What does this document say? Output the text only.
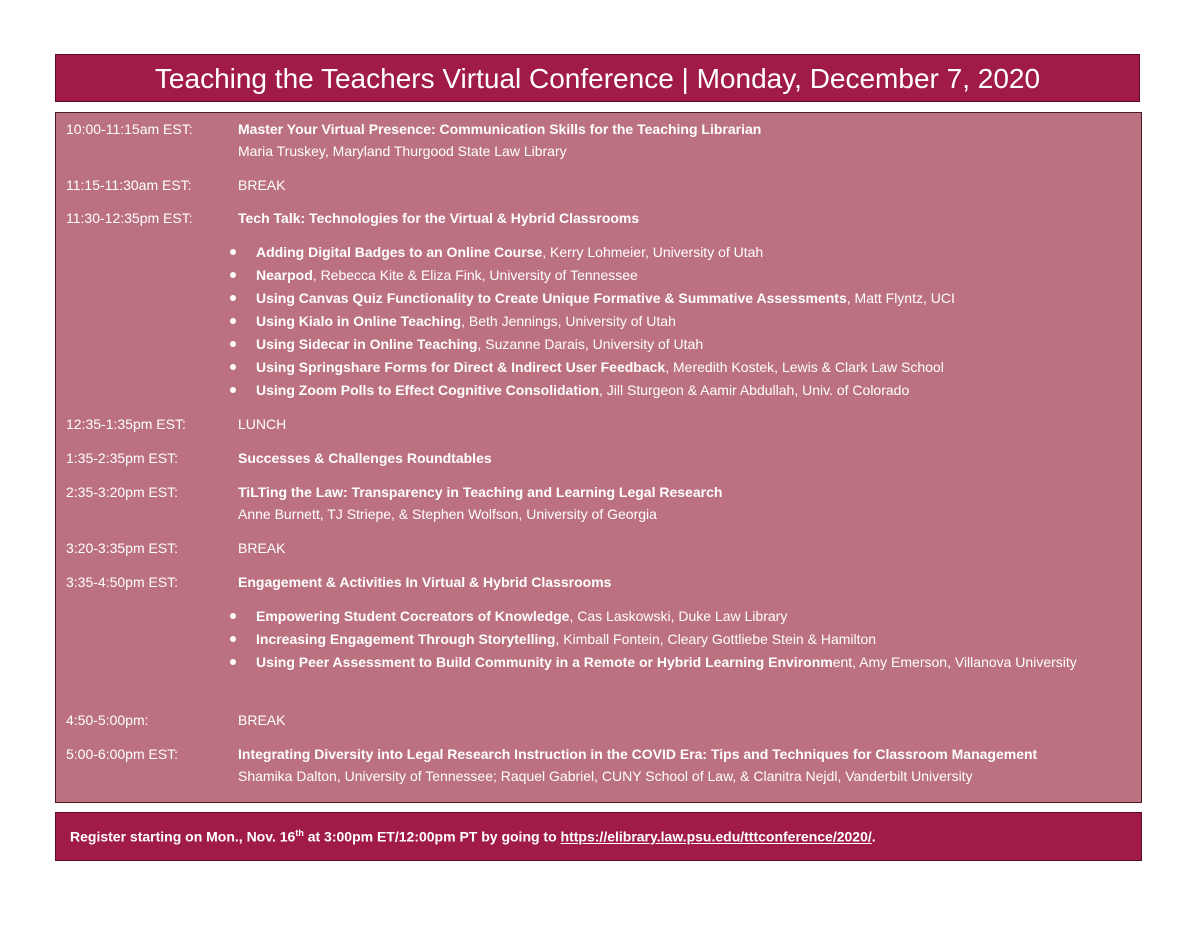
Teaching the Teachers Virtual Conference | Monday, December 7, 2020
10:00-11:15am EST:	Master Your Virtual Presence: Communication Skills for the Teaching Librarian
Maria Truskey, Maryland Thurgood State Law Library
11:15-11:30am EST:	BREAK
11:30-12:35pm EST:	Tech Talk: Technologies for the Virtual & Hybrid Classrooms
Adding Digital Badges to an Online Course, Kerry Lohmeier, University of Utah
Nearpod, Rebecca Kite & Eliza Fink, University of Tennessee
Using Canvas Quiz Functionality to Create Unique Formative & Summative Assessments, Matt Flyntz, UCI
Using Kialo in Online Teaching, Beth Jennings, University of Utah
Using Sidecar in Online Teaching, Suzanne Darais, University of Utah
Using Springshare Forms for Direct & Indirect User Feedback, Meredith Kostek, Lewis & Clark Law School
Using Zoom Polls to Effect Cognitive Consolidation, Jill Sturgeon & Aamir Abdullah, Univ. of Colorado
12:35-1:35pm EST:	LUNCH
1:35-2:35pm EST:	Successes & Challenges Roundtables
2:35-3:20pm EST:	TiLTing the Law: Transparency in Teaching and Learning Legal Research
Anne Burnett, TJ Striepe, & Stephen Wolfson, University of Georgia
3:20-3:35pm EST:	BREAK
3:35-4:50pm EST:	Engagement & Activities In Virtual & Hybrid Classrooms
Empowering Student Cocreators of Knowledge, Cas Laskowski, Duke Law Library
Increasing Engagement Through Storytelling, Kimball Fontein, Cleary Gottliebe Stein & Hamilton
Using Peer Assessment to Build Community in a Remote or Hybrid Learning Environment, Amy Emerson, Villanova University
4:50-5:00pm:	BREAK
5:00-6:00pm EST:	Integrating Diversity into Legal Research Instruction in the COVID Era: Tips and Techniques for Classroom Management
Shamika Dalton, University of Tennessee; Raquel Gabriel, CUNY School of Law, & Clanitra Nejdl, Vanderbilt University
Register starting on Mon., Nov. 16th at 3:00pm ET/12:00pm PT by going to https://elibrary.law.psu.edu/tttconference/2020/.
